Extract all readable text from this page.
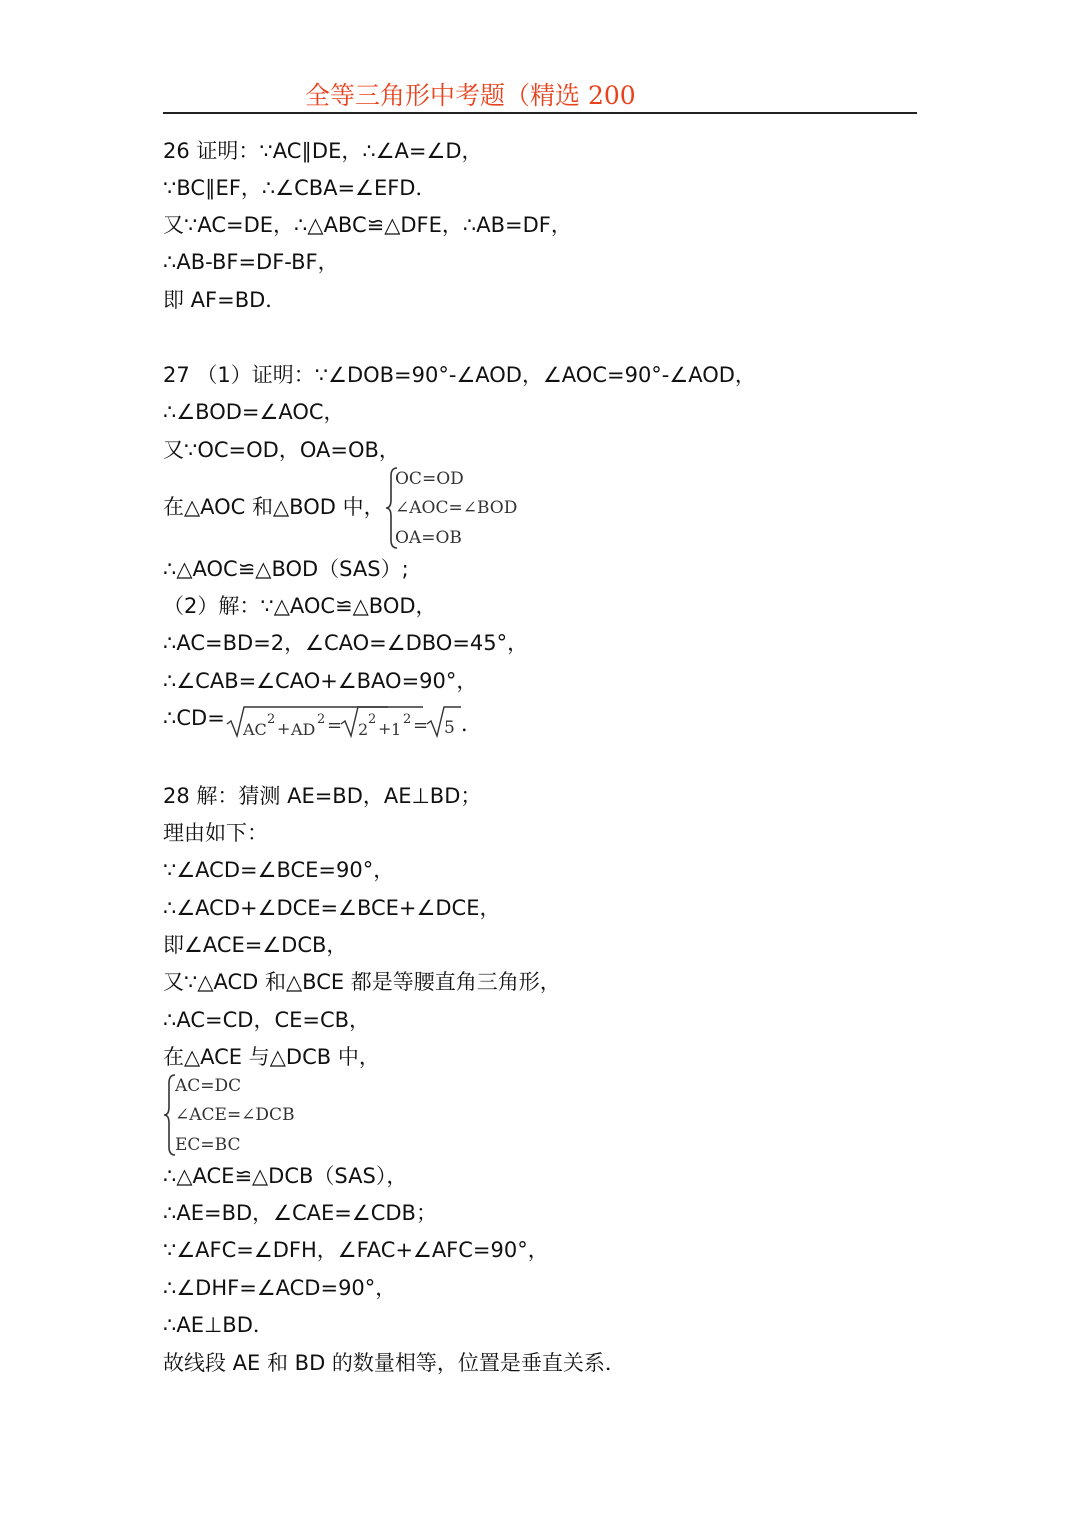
全等三角形中考题（精选 200
26 证明：∵AC∥DE，∴∠A=∠D，
∵BC∥EF，∴∠CBA=∠EFD．
又∵AC=DE，∴△ABC≌△DFE，∴AB=DF，
∴AB-BF=DF-BF，
即 AF=BD．
27 （1）证明：∵∠DOB=90°-∠AOD，∠AOC=90°-∠AOD，
∴∠BOD=∠AOC，
又∵OC=OD，OA=OB，
在△AOC 和△BOD 中，
OC=OD
∠AOC=∠BOD
OA=OB
∴△AOC≌△BOD（SAS）;
（2）解：∵△AOC≌△BOD，
∴AC=BD=2，∠CAO=∠DBO=45°，
∴∠CAB=∠CAO+∠BAO=90°，
∴CD= AC
2 + AD
2 = 2
2 + 1
2 = 5 ．
28 解：猜测 AE=BD，AE⊥BD；
理由如下：
∵∠ACD=∠BCE=90°，
∴∠ACD+∠DCE=∠BCE+∠DCE，
即∠ACE=∠DCB，
又∵△ACD 和△BCE 都是等腰直角三角形，
∴AC=CD，CE=CB，
在△ACE 与△DCB 中，
AC=DC
∠ACE=∠DCB
EC=BC
∴△ACE≌△DCB（SAS），
∴AE=BD，∠CAE=∠CDB；
∵∠AFC=∠DFH，∠FAC+∠AFC=90°，
∴∠DHF=∠ACD=90°，
∴AE⊥BD．
故线段 AE 和 BD 的数量相等，位置是垂直关系．
